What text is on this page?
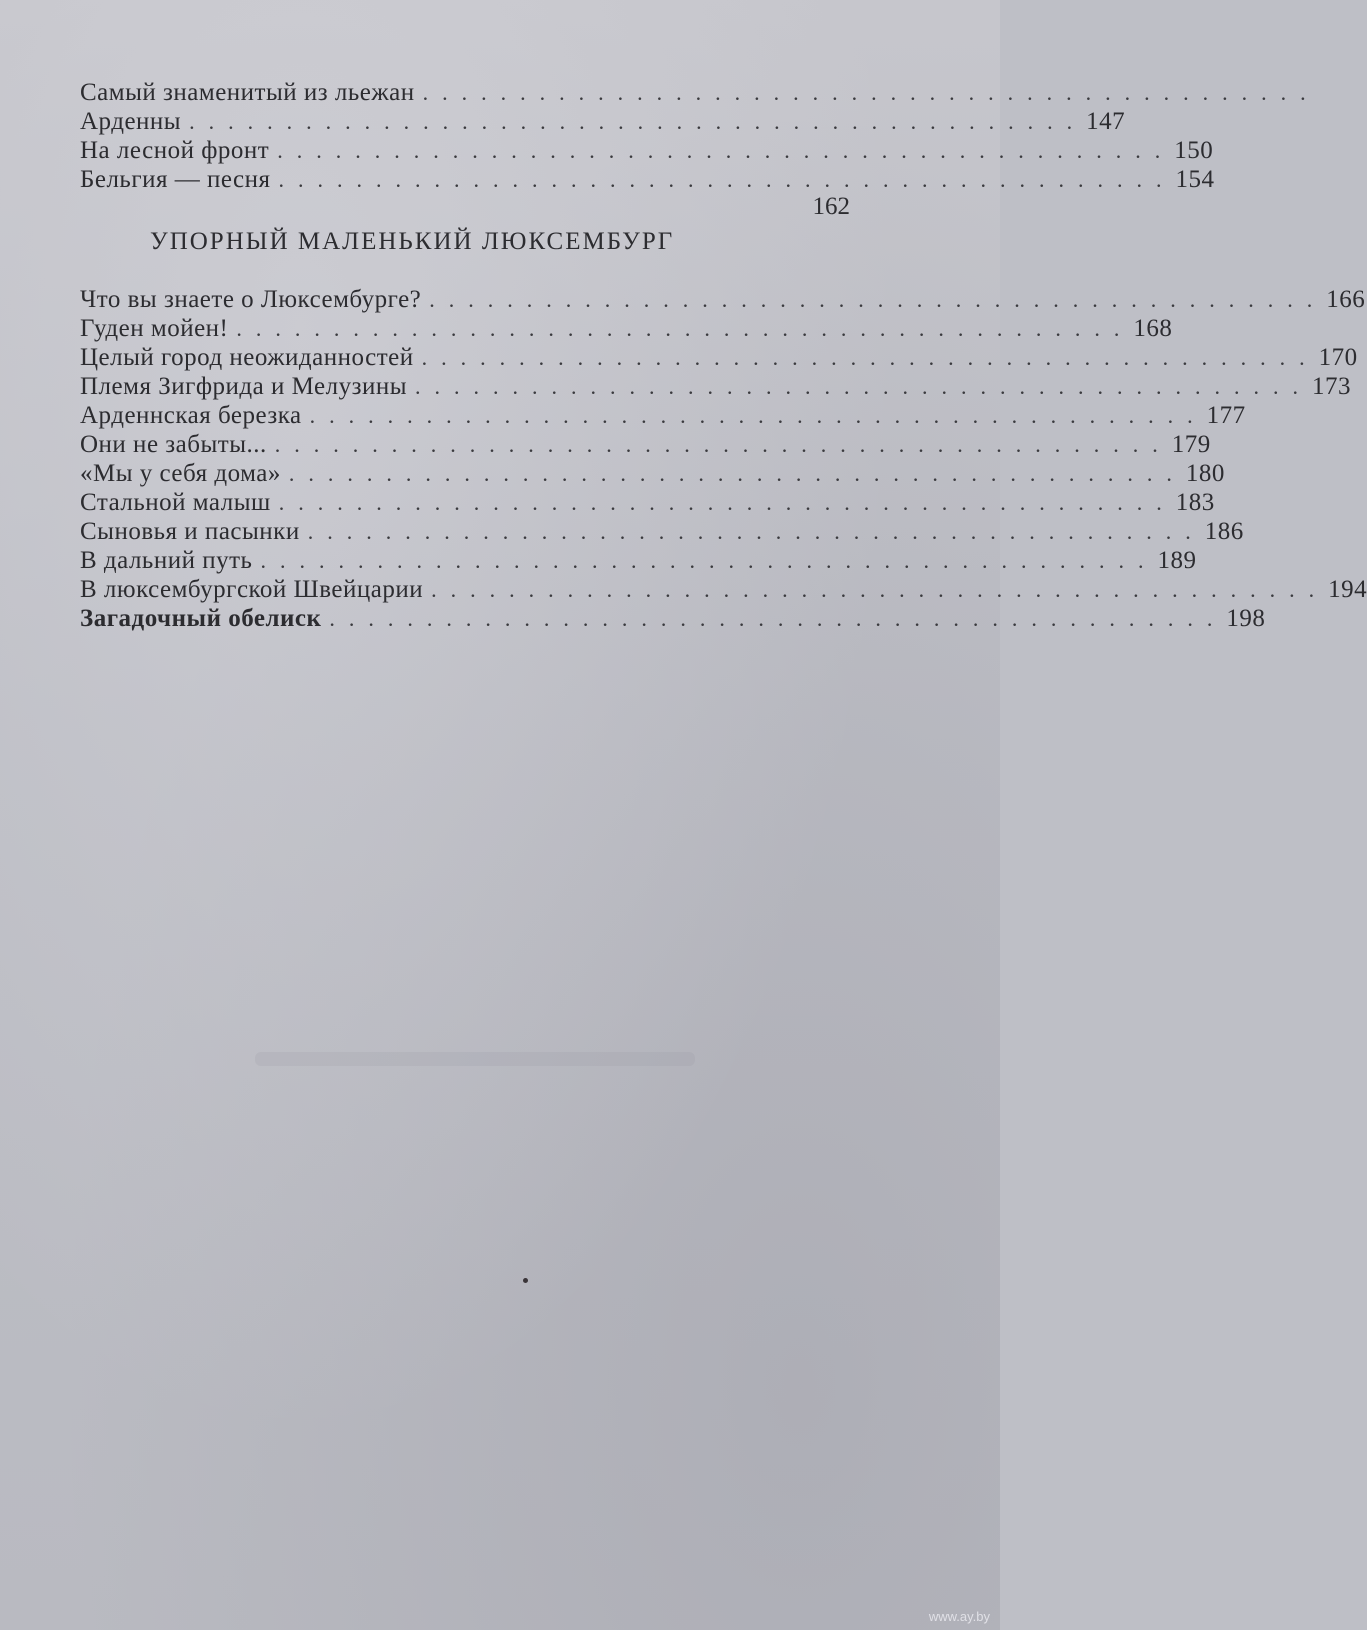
Самый знаменитый из льежан ..............................................
Арденны .............................................. 147
На лесной фронт .............................................. 150
Бельгия — песня .............................................. 154
162
УПОРНЫЙ МАЛЕНЬКИЙ ЛЮКСЕМБУРГ
Что вы знаете о Люксембурге? .............................................. 166
Гуден мойен! .............................................. 168
Целый город неожиданностей .............................................. 170
Племя Зигфрида и Мелузины .............................................. 173
Арденнская березка .............................................. 177
Они не забыты... .............................................. 179
«Мы у себя дома» .............................................. 180
Стальной малыш .............................................. 183
Сыновья и пасынки .............................................. 186
В дальний путь .............................................. 189
В люксембургской Швейцарии .............................................. 194
Загадочный обелиск .............................................. 198
www.ay.by
